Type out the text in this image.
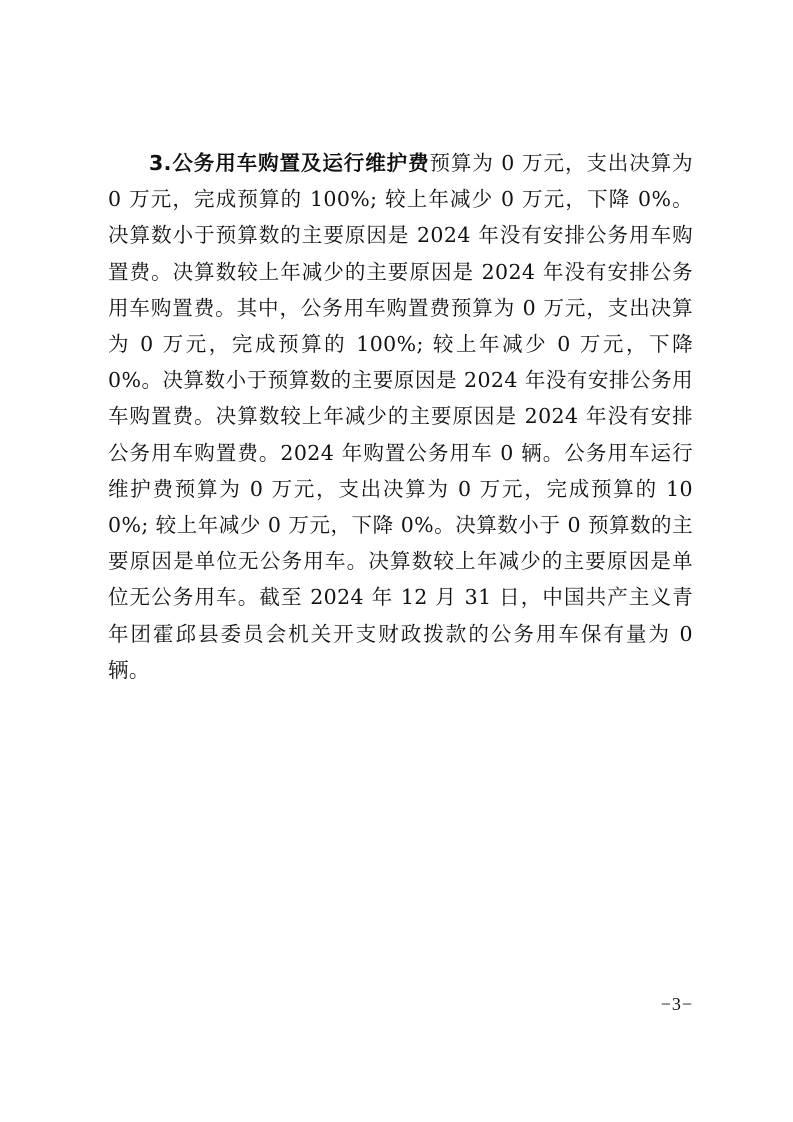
3.公务用车购置及运行维护费预算为 0 万元，支出决算为 0 万元，完成预算的 100%; 较上年减少 0 万元，下降 0%。决算数小于预算数的主要原因是 2024 年没有安排公务用车购置费。决算数较上年减少的主要原因是 2024 年没有安排公务用车购置费。其中，公务用车购置费预算为 0 万元，支出决算为 0 万元，完成预算的 100%; 较上年减少 0 万元，下降 0%。决算数小于预算数的主要原因是 2024 年没有安排公务用车购置费。决算数较上年减少的主要原因是 2024 年没有安排公务用车购置费。2024 年购置公务用车 0 辆。公务用车运行维护费预算为 0 万元，支出决算为 0 万元，完成预算的 100%; 较上年减少 0 万元，下降 0%。决算数小于 0 预算数的主要原因是单位无公务用车。决算数较上年减少的主要原因是单位无公务用车。截至 2024 年 12 月 31 日，中国共产主义青年团霍邱县委员会机关开支财政拨款的公务用车保有量为 0 辆。

−3−
